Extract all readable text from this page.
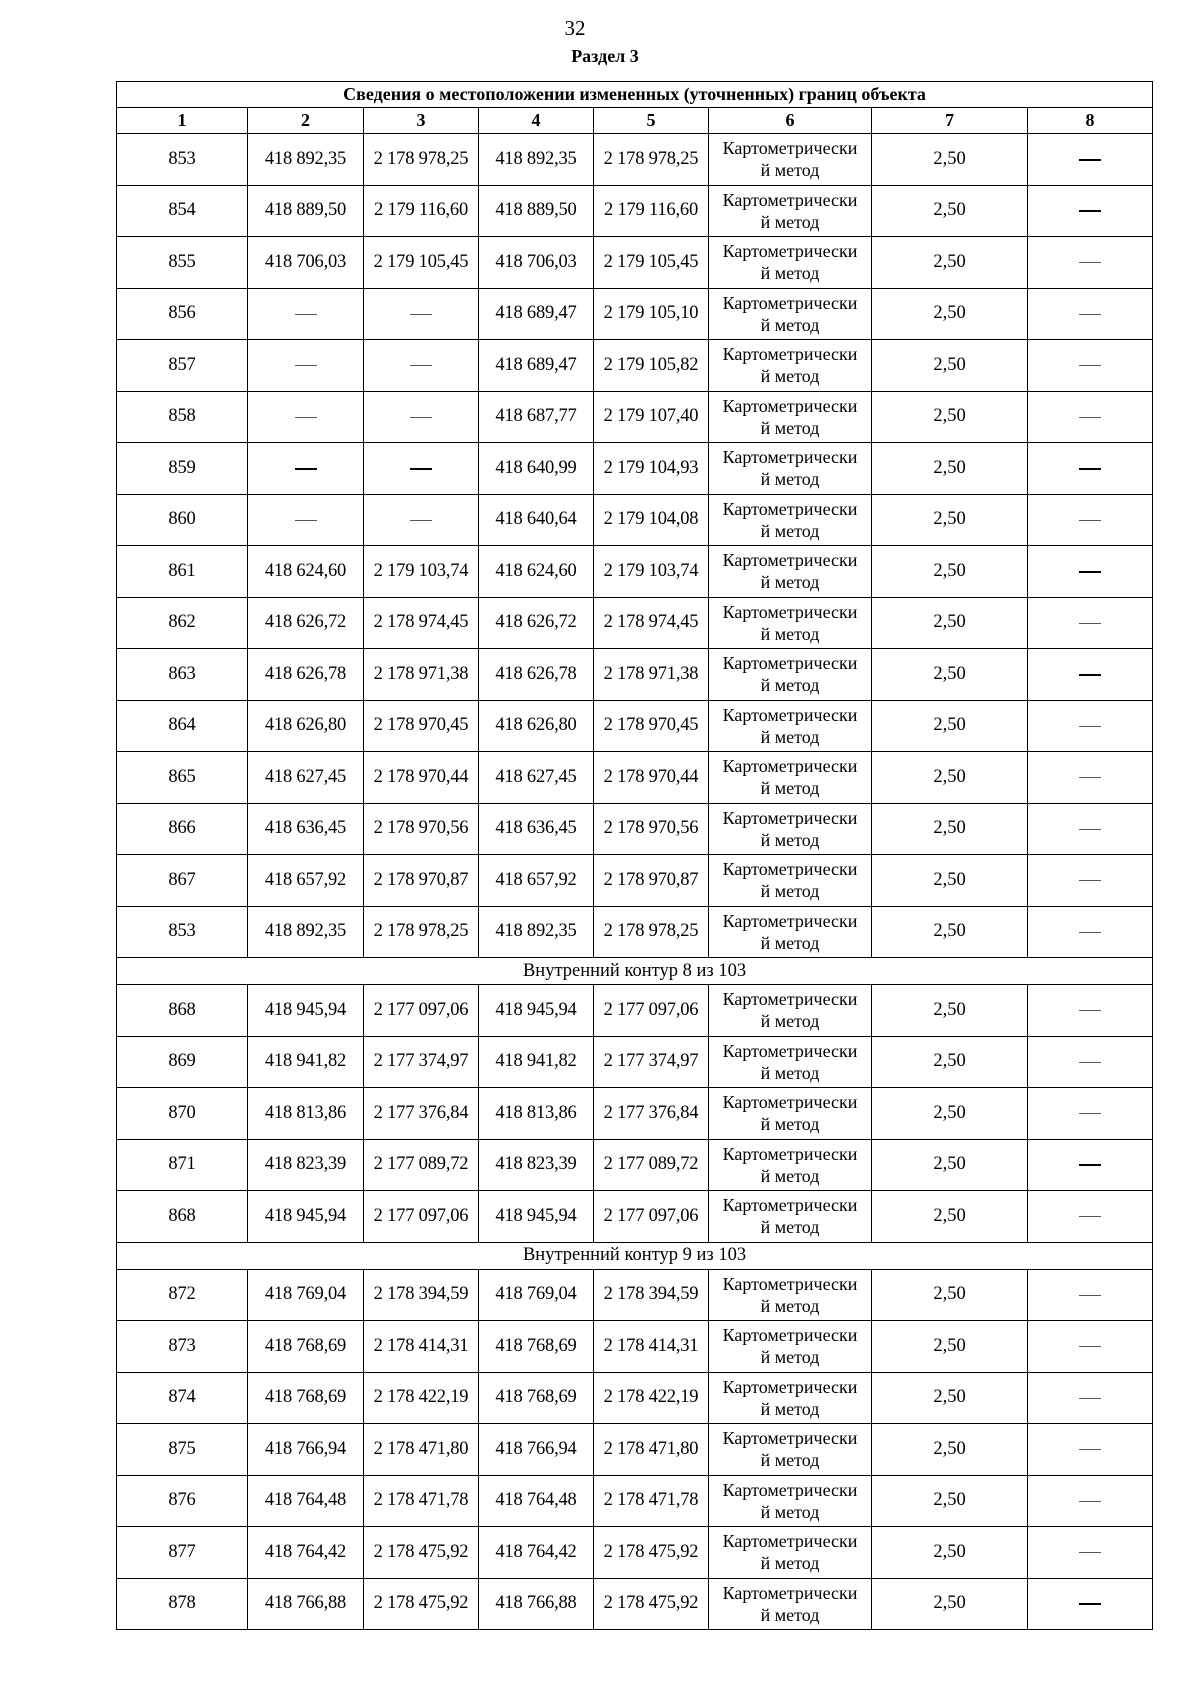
32
Раздел 3
Сведения о местоположении измененных (уточненных) границ объекта							
1	2	3	4	5	6	7	8
853	418 892,35	2 178 978,25	418 892,35	2 178 978,25	Картометрически
й метод	2,50	
854	418 889,50	2 179 116,60	418 889,50	2 179 116,60	Картометрически
й метод	2,50	
855	418 706,03	2 179 105,45	418 706,03	2 179 105,45	Картометрически
й метод	2,50	
856			418 689,47	2 179 105,10	Картометрически
й метод	2,50	
857			418 689,47	2 179 105,82	Картометрически
й метод	2,50	
858			418 687,77	2 179 107,40	Картометрически
й метод	2,50	
859			418 640,99	2 179 104,93	Картометрически
й метод	2,50	
860			418 640,64	2 179 104,08	Картометрически
й метод	2,50	
861	418 624,60	2 179 103,74	418 624,60	2 179 103,74	Картометрически
й метод	2,50	
862	418 626,72	2 178 974,45	418 626,72	2 178 974,45	Картометрически
й метод	2,50	
863	418 626,78	2 178 971,38	418 626,78	2 178 971,38	Картометрически
й метод	2,50	
864	418 626,80	2 178 970,45	418 626,80	2 178 970,45	Картометрически
й метод	2,50	
865	418 627,45	2 178 970,44	418 627,45	2 178 970,44	Картометрически
й метод	2,50	
866	418 636,45	2 178 970,56	418 636,45	2 178 970,56	Картометрически
й метод	2,50	
867	418 657,92	2 178 970,87	418 657,92	2 178 970,87	Картометрически
й метод	2,50	
853	418 892,35	2 178 978,25	418 892,35	2 178 978,25	Картометрически
й метод	2,50	
Внутренний контур 8 из 103							
868	418 945,94	2 177 097,06	418 945,94	2 177 097,06	Картометрически
й метод	2,50	
869	418 941,82	2 177 374,97	418 941,82	2 177 374,97	Картометрически
й метод	2,50	
870	418 813,86	2 177 376,84	418 813,86	2 177 376,84	Картометрически
й метод	2,50	
871	418 823,39	2 177 089,72	418 823,39	2 177 089,72	Картометрически
й метод	2,50	
868	418 945,94	2 177 097,06	418 945,94	2 177 097,06	Картометрически
й метод	2,50	
Внутренний контур 9 из 103							
872	418 769,04	2 178 394,59	418 769,04	2 178 394,59	Картометрически
й метод	2,50	
873	418 768,69	2 178 414,31	418 768,69	2 178 414,31	Картометрически
й метод	2,50	
874	418 768,69	2 178 422,19	418 768,69	2 178 422,19	Картометрически
й метод	2,50	
875	418 766,94	2 178 471,80	418 766,94	2 178 471,80	Картометрически
й метод	2,50	
876	418 764,48	2 178 471,78	418 764,48	2 178 471,78	Картометрически
й метод	2,50	
877	418 764,42	2 178 475,92	418 764,42	2 178 475,92	Картометрически
й метод	2,50	
878	418 766,88	2 178 475,92	418 766,88	2 178 475,92	Картометрически
й метод	2,50	
